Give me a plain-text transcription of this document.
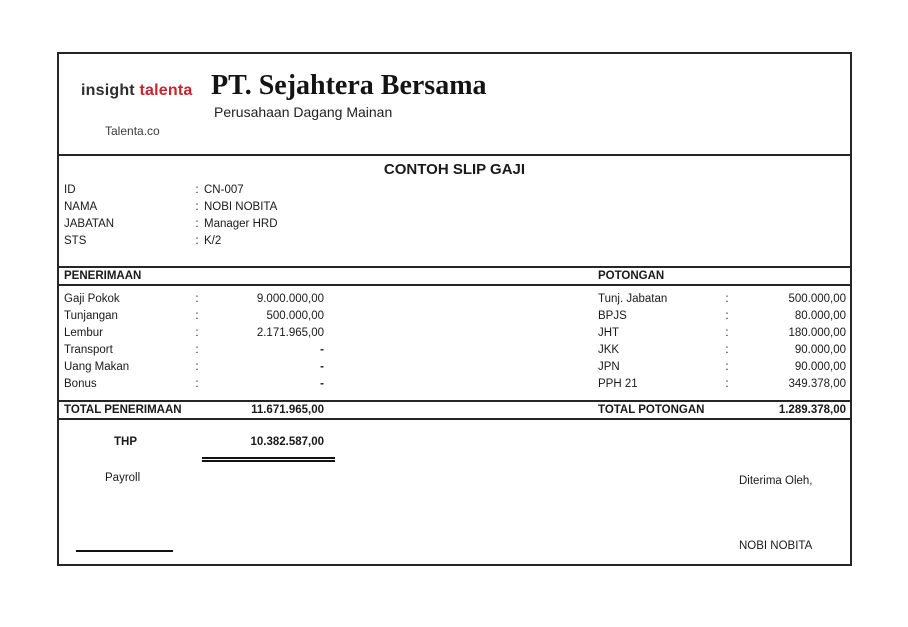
insight talenta
Talenta.co
PT. Sejahtera Bersama
Perusahaan Dagang Mainan
CONTOH SLIP GAJI
ID	: CN-007
NAMA	: NOBI NOBITA
JABATAN	: Manager HRD
STS	: K/2
PENERIMAAN	POTONGAN
Gaji Pokok	:	9.000.000,00
Tunjangan	:	500.000,00
Lembur	:	2.171.965,00
Transport	:	-
Uang Makan	:	-
Bonus	:	-
Tunj. Jabatan	:	500.000,00
BPJS	:	80.000,00
JHT	:	180.000,00
JKK	:	90.000,00
JPN	:	90.000,00
PPH 21	:	349.378,00
TOTAL PENERIMAAN	11.671.965,00	TOTAL POTONGAN	1.289.378,00
THP	10.382.587,00
Payroll	Diterima Oleh,
NOBI NOBITA
